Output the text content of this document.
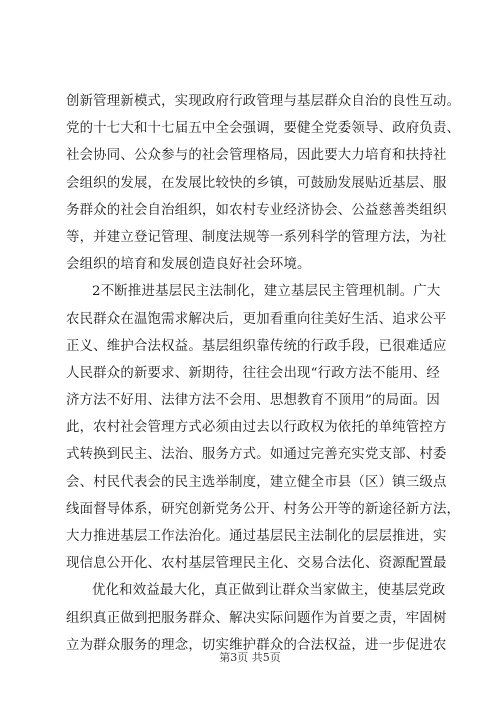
创新管理新模式，实现政府行政管理与基层群众自治的良性互动。
党的十七大和十七届五中全会强调，要健全党委领导、政府负责、
社会协同、公众参与的社会管理格局，因此要大力培育和扶持社
会组织的发展，在发展比较快的乡镇，可鼓励发展贴近基层、服
务群众的社会自治组织，如农村专业经济协会、公益慈善类组织
等，并建立登记管理、制度法规等一系列科学的管理方法，为社
会组织的培育和发展创造良好社会环境。
2不断推进基层民主法制化，建立基层民主管理机制。广大
农民群众在温饱需求解决后，更加看重向往美好生活、追求公平
正义、维护合法权益。基层组织靠传统的行政手段，已很难适应
人民群众的新要求、新期待，往往会出现“行政方法不能用、经
济方法不好用、法律方法不会用、思想教育不顶用”的局面。因
此，农村社会管理方式必须由过去以行政权为依托的单纯管控方
式转换到民主、法治、服务方式。如通过完善充实党支部、村委
会、村民代表会的民主选举制度，建立健全市县（区）镇三级点
线面督导体系，研究创新党务公开、村务公开等的新途径新方法，
大力推进基层工作法治化。通过基层民主法制化的层层推进，实
现信息公开化、农村基层管理民主化、交易合法化、资源配置最
优化和效益最大化，真正做到让群众当家做主，使基层党政
组织真正做到把服务群众、解决实际问题作为首要之责，牢固树
立为群众服务的理念，切实维护群众的合法权益，进一步促进农
第3页 共5页
